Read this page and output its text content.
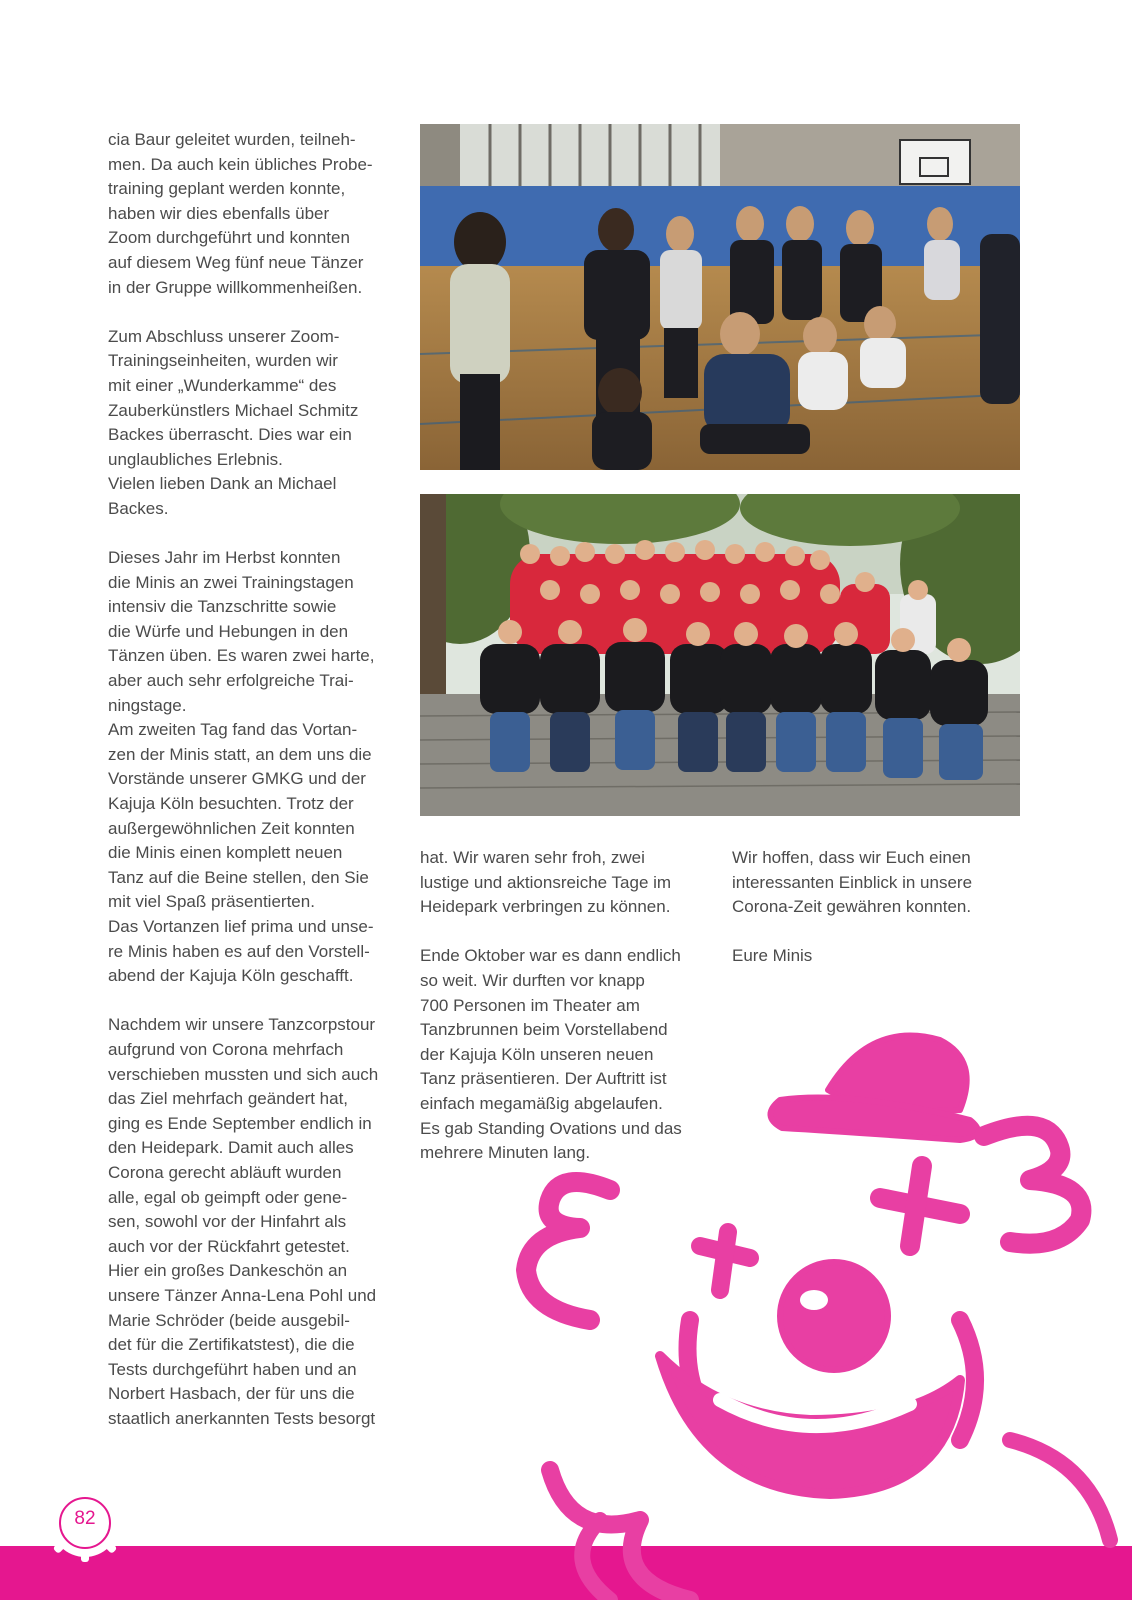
cia Baur geleitet wurden, teilneh-
men. Da auch kein übliches Probe-
training geplant werden konnte,
haben wir dies ebenfalls über
Zoom durchgeführt und konnten
auf diesem Weg fünf neue Tänzer
in der Gruppe willkommenheißen.

Zum Abschluss unserer Zoom-
Trainingseinheiten, wurden wir
mit einer „Wunderkamme“ des
Zauberkünstlers Michael Schmitz
Backes überrascht. Dies war ein
unglaubliches Erlebnis.
Vielen lieben Dank an Michael
Backes.

Dieses Jahr im Herbst konnten
die Minis an zwei Trainingstagen
intensiv die Tanzschritte sowie
die Würfe und Hebungen in den
Tänzen üben. Es waren zwei harte,
aber auch sehr erfolgreiche Trai-
ningstage.
Am zweiten Tag fand das Vortan-
zen der Minis statt, an dem uns die
Vorstände unserer GMKG und der
Kajuja Köln besuchten. Trotz der
außergewöhnlichen Zeit konnten
die Minis einen komplett neuen
Tanz auf die Beine stellen, den Sie
mit viel Spaß präsentierten.
Das Vortanzen lief prima und unse-
re Minis haben es auf den Vorstell-
abend der Kajuja Köln geschafft.

Nachdem wir unsere Tanzcorpstour
aufgrund von Corona mehrfach
verschieben mussten und sich auch
das Ziel mehrfach geändert hat,
ging es Ende September endlich in
den Heidepark. Damit auch alles
Corona gerecht abläuft wurden
alle, egal ob geimpft oder gene-
sen, sowohl vor der Hinfahrt als
auch vor der Rückfahrt getestet.
Hier ein großes Dankeschön an
unsere Tänzer Anna-Lena Pohl und
Marie Schröder (beide ausgebil-
det für die Zertifikatstest), die die
Tests durchgeführt haben und an
Norbert Hasbach, der für uns die
staatlich anerkannten Tests besorgt

hat. Wir waren sehr froh, zwei
lustige und aktionsreiche Tage im
Heidepark verbringen zu können.

Ende Oktober war es dann endlich
so weit. Wir durften vor knapp
700 Personen im Theater am
Tanzbrunnen beim Vorstellabend
der Kajuja Köln unseren neuen
Tanz präsentieren. Der Auftritt ist
einfach megamäßig abgelaufen.
Es gab Standing Ovations und das
mehrere Minuten lang.

Wir hoffen, dass wir Euch einen
interessanten Einblick in unsere
Corona-Zeit gewähren konnten.

Eure Minis

82
